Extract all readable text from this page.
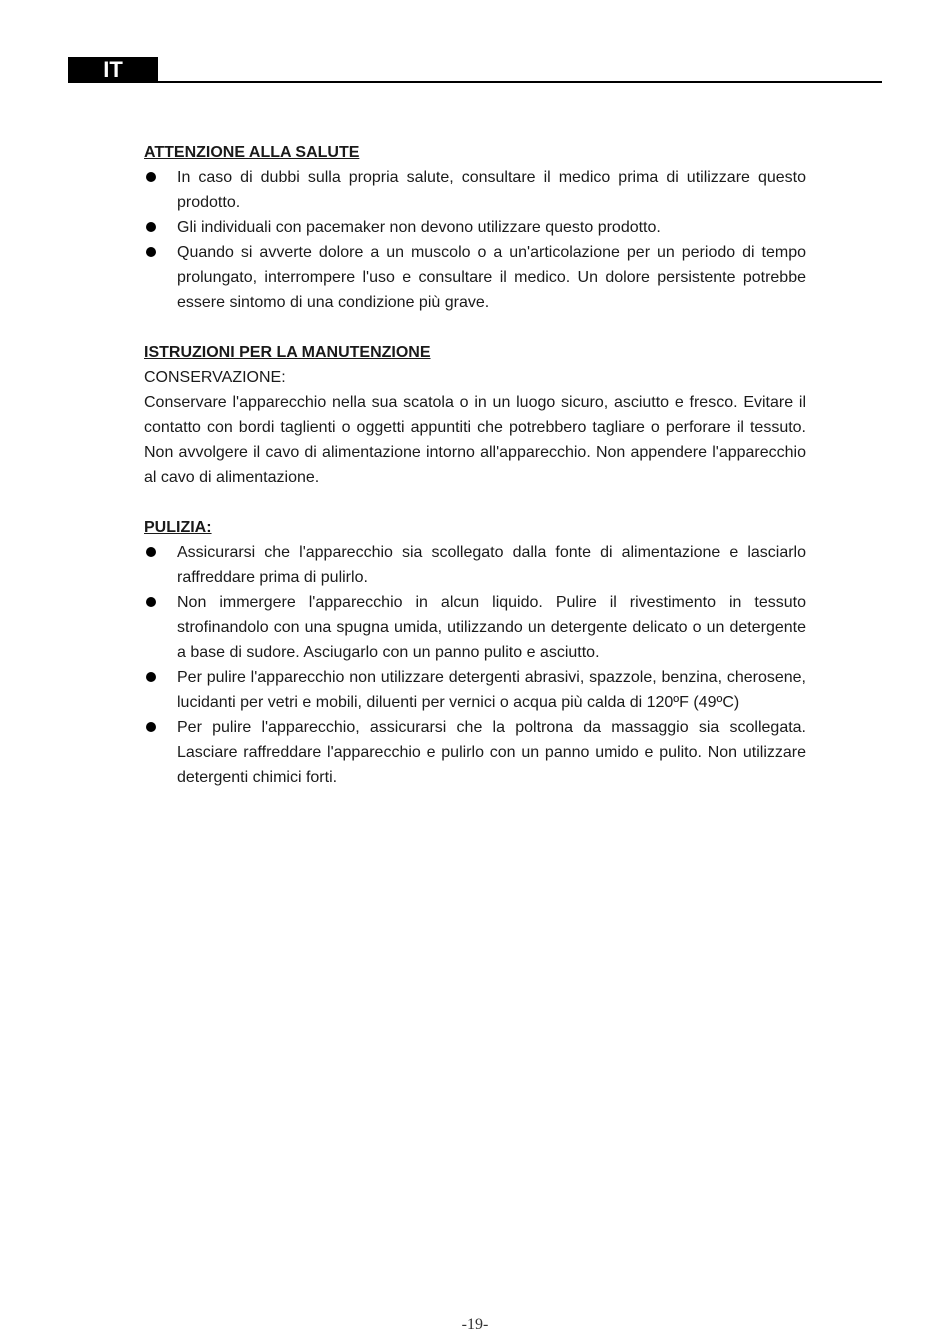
IT

ATTENZIONE ALLA SALUTE

In caso di dubbi sulla propria salute, consultare il medico prima di utilizzare questo prodotto.
Gli individuali con pacemaker non devono utilizzare questo prodotto.
Quando si avverte dolore a un muscolo o a un'articolazione per un periodo di tempo prolungato, interrompere l'uso e consultare il medico. Un dolore persistente potrebbe essere sintomo di una condizione più grave.

ISTRUZIONI PER LA MANUTENZIONE

CONSERVAZIONE:

Conservare l'apparecchio nella sua scatola o in un luogo sicuro, asciutto e fresco. Evitare il contatto con bordi taglienti o oggetti appuntiti che potrebbero tagliare o perforare il tessuto. Non avvolgere il cavo di alimentazione intorno all'apparecchio. Non appendere l'apparecchio al cavo di alimentazione.

PULIZIA:

Assicurarsi che l'apparecchio sia scollegato dalla fonte di alimentazione e lasciarlo raffreddare prima di pulirlo.
Non immergere l'apparecchio in alcun liquido. Pulire il rivestimento in tessuto strofinandolo con una spugna umida, utilizzando un detergente delicato o un detergente a base di sudore. Asciugarlo con un panno pulito e asciutto.
Per pulire l'apparecchio non utilizzare detergenti abrasivi, spazzole, benzina, cherosene, lucidanti per vetri e mobili, diluenti per vernici o acqua più calda di 120ºF (49ºC)
Per pulire l'apparecchio, assicurarsi che la poltrona da massaggio sia scollegata. Lasciare raffreddare l'apparecchio e pulirlo con un panno umido e pulito. Non utilizzare detergenti chimici forti.
-19-
